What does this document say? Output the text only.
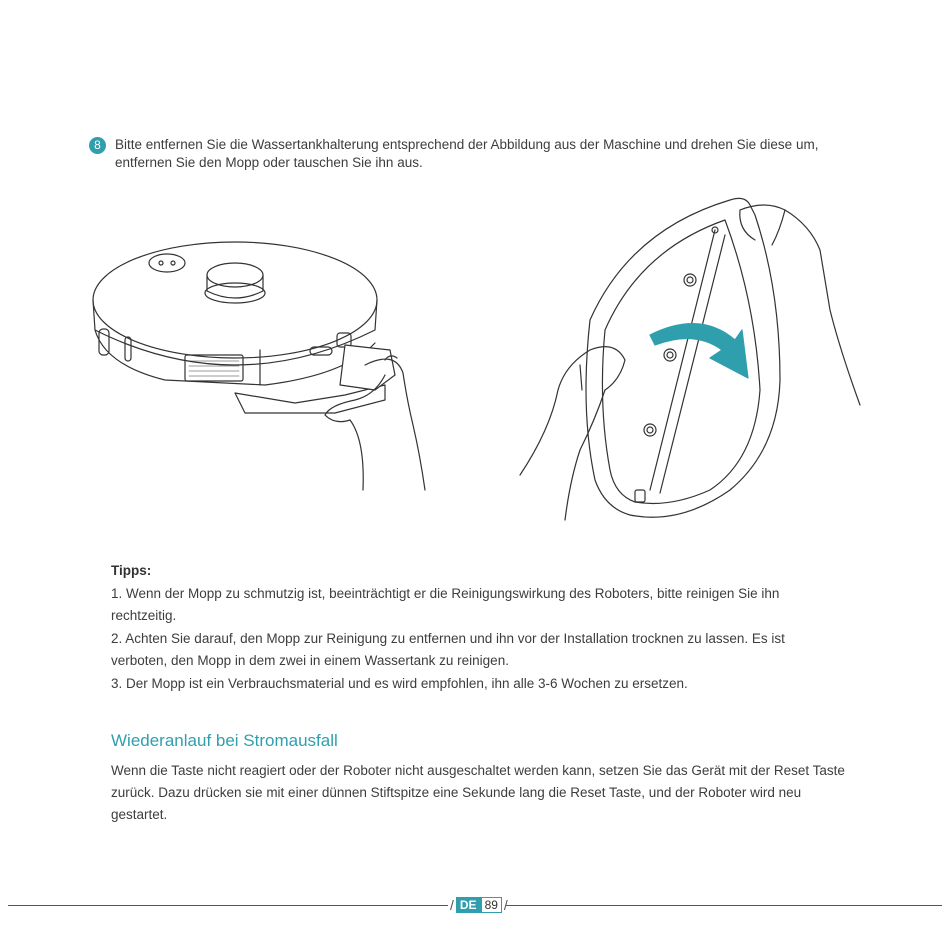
8	Bitte entfernen Sie die Wassertankhalterung entsprechend der Abbildung aus der Maschine und drehen Sie diese um, entfernen Sie den Mopp oder tauschen Sie ihn aus.
Tipps:
1. Wenn der Mopp zu schmutzig ist, beeinträchtigt er die Reinigungswirkung des Roboters, bitte reinigen Sie ihn rechtzeitig.
2. Achten Sie darauf, den Mopp zur Reinigung zu entfernen und ihn vor der Installation trocknen zu lassen. Es ist verboten, den Mopp in dem zwei in einem Wassertank zu reinigen.
3. Der Mopp ist ein Verbrauchsmaterial und es wird empfohlen, ihn alle 3-6 Wochen zu ersetzen.
Wiederanlauf bei Stromausfall
Wenn die Taste nicht reagiert oder der Roboter nicht ausgeschaltet werden kann, setzen Sie das Gerät mit der Reset Taste zurück. Dazu drücken sie mit einer dünnen Stiftspitze eine Sekunde lang die Reset Taste, und der Roboter wird neu gestartet.
/ DE 89 /
